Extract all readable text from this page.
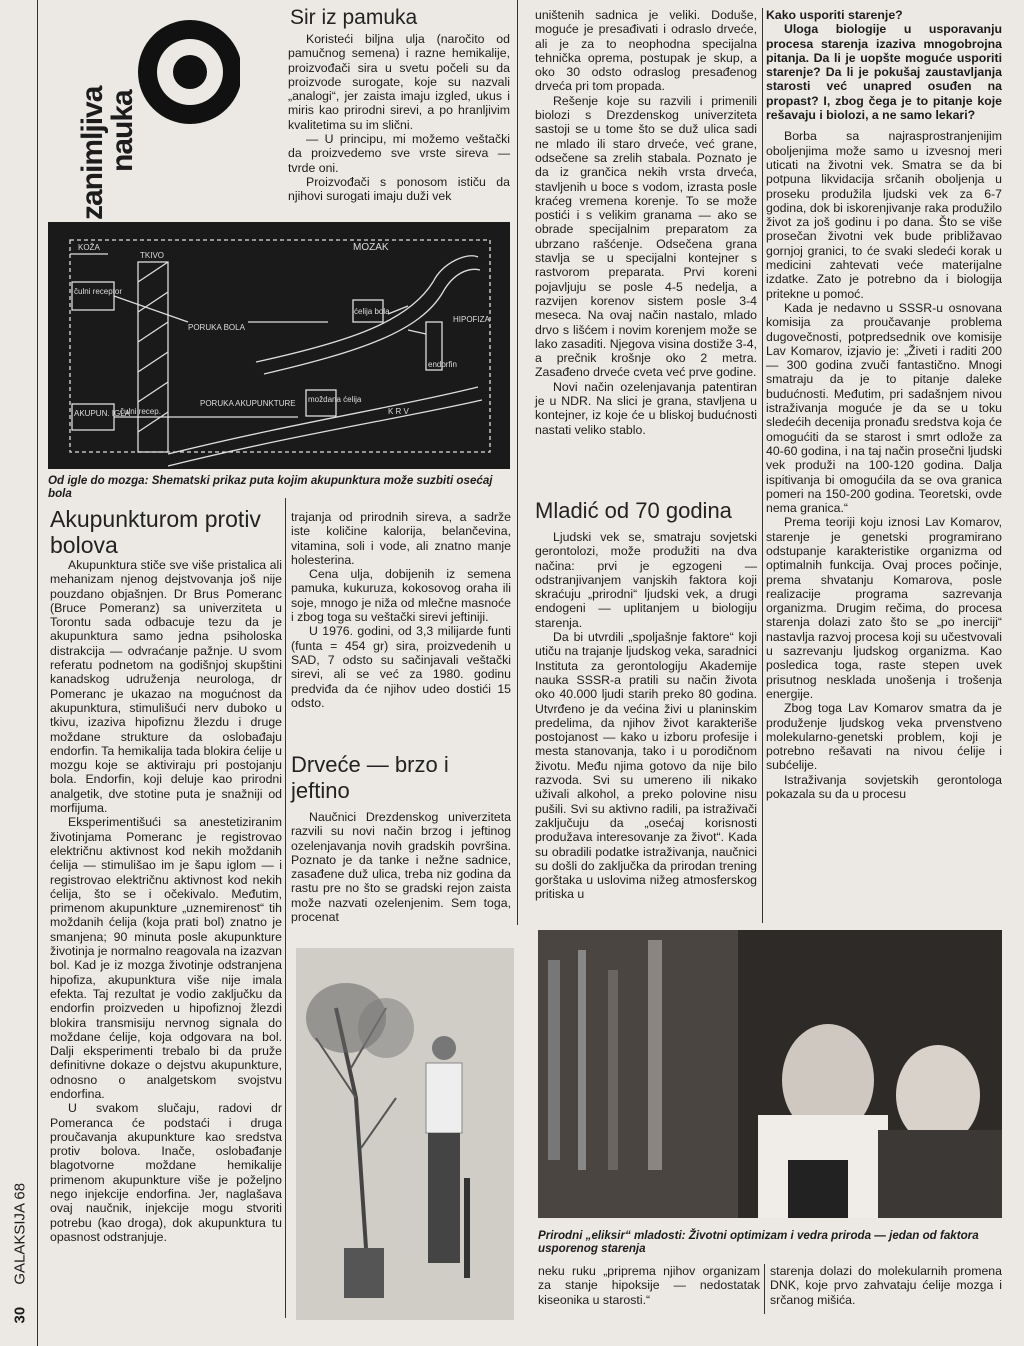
zanimljiva
nauka
30 GALAKSIJA 68
Sir iz pamuka

Koristeći biljna ulja (naročito od pamučnog semena) i razne hemikalije, proizvođači sira u svetu počeli su da proizvode surogate, koje su nazvali „analogi“, jer zaista imaju izgled, ukus i miris kao prirodni sirevi, a po hranljivim kvalitetima su im slični.

— U principu, mi možemo veštački da proizvedemo sve vrste sireva — tvrde oni.

Proizvođači s ponosom ističu da njihovi surogati imaju duži vek

KOŽA
TKIVO
MOZAK
čulni receptor
PORUKA BOLA
ćelija bola
HIPOFIZA
endorfin
AKUPUN. IGLA
čulni recep.
PORUKA AKUPUNKTURE moždana ćelija
K R V
Od igle do mozga: Shematski prikaz puta kojim akupunktura može suzbiti osećaj bola
Akupunkturom protiv bolova

Akupunktura stiče sve više pristalica ali mehanizam njenog dejstvovanja još nije pouzdano objašnjen. Dr Brus Pomeranc (Bruce Pomeranz) sa univerziteta u Torontu sada odbacuje tezu da je akupunktura samo jedna psiholoska distrakcija — odvraćanje pažnje. U svom referatu podnetom na godišnjoj skupštini kanadskog udruženja neurologa, dr Pomeranc je ukazao na mogućnost da akupunktura, stimulišući nerv duboko u tkivu, izaziva hipofiznu žlezdu i druge moždane strukture da oslobađaju endorfin. Ta hemikalija tada blokira ćelije u mozgu koje se aktiviraju pri postojanju bola. Endorfin, koji deluje kao prirodni analgetik, dve stotine puta je snažniji od morfijuma.

Eksperimentišući sa anestetiziranim životinjama Pomeranc je registrovao električnu aktivnost kod nekih moždanih ćelija — stimulišao im je šapu iglom — i registrovao električnu aktivnost kod nekih ćelija, što se i očekivalo. Međutim, primenom akupunkture „uznemirenost“ tih moždanih ćelija (koja prati bol) znatno je smanjena; 90 minuta posle akupunkture životinja je normalno reagovala na izazvan bol. Kad je iz mozga životinje odstranjena hipofiza, akupunktura više nije imala efekta. Taj rezultat je vodio zaključku da endorfin proizveden u hipofiznoj žlezdi blokira transmisiju nervnog signala do moždane ćelije, koja odgovara na bol. Dalji eksperimenti trebalo bi da pruže definitivne dokaze o dejstvu akupunkture, odnosno o analgetskom svojstvu endorfina.

U svakom slučaju, radovi dr Pomeranca će podstaći i druga proučavanja akupunkture kao sredstva protiv bolova. Inače, oslobađanje blagotvorne moždane hemikalije primenom akupunkture više je poželjno nego injekcije endorfina. Jer, naglašava ovaj naučnik, injekcije mogu stvoriti potrebu (kao droga), dok akupunktura tu opasnost odstranjuje.

trajanja od prirodnih sireva, a sadrže iste količine kalorija, belančevina, vitamina, soli i vode, ali znatno manje holesterina.

Cena ulja, dobijenih iz semena pamuka, kukuruza, kokosovog oraha ili soje, mnogo je niža od mlečne masnoće i zbog toga su veštački sirevi jeftiniji.

U 1976. godini, od 3,3 milijarde funti (funta = 454 gr) sira, proizvedenih u SAD, 7 odsto su sačinjavali veštački sirevi, ali se već za 1980. godinu predviđa da će njihov udeo dostići 15 odsto.

Drveće — brzo i jeftino

Naučnici Drezdenskog univerziteta razvili su novi način brzog i jeftinog ozelenjavanja novih gradskih površina. Poznato je da tanke i nežne sadnice, zasađene duž ulica, treba niz godina da rastu pre no što se gradski rejon zaista može nazvati ozelenjenim. Sem toga, procenat

uništenih sadnica je veliki. Doduše, moguće je presađivati i odraslo drveće, ali je za to neophodna specijalna tehnička oprema, postupak je skup, a oko 30 odsto odraslog presađenog drveća pri tom propada.

Rešenje koje su razvili i primenili biolozi s Drezdenskog univerziteta sastoji se u tome što se duž ulica sadi ne mlado ili staro drveće, već grane, odsečene sa zrelih stabala. Poznato je da iz grančica nekih vrsta drveća, stavljenih u boce s vodom, izrasta posle kraćeg vremena korenje. To se može postići i s velikim granama — ako se obrade specijalnim preparatom za ubrzano rašćenje. Odsečena grana stavlja se u specijalni kontejner s rastvorom preparata. Prvi koreni pojavljuju se posle 4-5 nedelja, a razvijen korenov sistem posle 3-4 meseca. Na ovaj način nastalo, mlado drvo s lišćem i novim korenjem može se lako zasaditi. Njegova visina dostiže 3-4, a prečnik krošnje oko 2 metra. Zasađeno drveće cveta već prve godine.

Novi način ozelenjavanja patentiran je u NDR. Na slici je grana, stavljena u kontejner, iz koje će u bliskoj budućnosti nastati veliko stablo.

Mladić od 70 godina

Ljudski vek se, smatraju sovjetski gerontolozi, može produžiti na dva načina: prvi je egzogeni — odstranjivanjem vanjskih faktora koji skraćuju „prirodni“ ljudski vek, a drugi endogeni — uplitanjem u biologiju starenja.

Da bi utvrdili „spoljašnje faktore“ koji utiču na trajanje ljudskog veka, saradnici Instituta za gerontologiju Akademije nauka SSSR-a pratili su način života oko 40.000 ljudi starih preko 80 godina. Utvrđeno je da većina živi u planinskim predelima, da njihov život karakteriše postojanost — kako u izboru profesije i mesta stanovanja, tako i u porodičnom životu. Među njima gotovo da nije bilo razvoda. Svi su umereno ili nikako uživali alkohol, a preko polovine nisu pušili. Svi su aktivno radili, pa istraživači zaključuju da „osećaj korisnosti produžava interesovanje za život“. Kada su obradili podatke istraživanja, naučnici su došli do zaključka da prirodan trening gorštaka u uslovima nižeg atmosferskog pritiska u

Kako usporiti starenje?

Uloga biologije u usporavanju procesa starenja izaziva mnogobrojna pitanja. Da li je uopšte moguće usporiti starenje? Da li je pokušaj zaustavljanja starosti već unapred osuđen na propast? I, zbog čega je to pitanje koje rešavaju i biolozi, a ne samo lekari?

Borba sa najrasprostranjenijim oboljenjima može samo u izvesnoj meri uticati na životni vek. Smatra se da bi potpuna likvidacija srčanih oboljenja u proseku produžila ljudski vek za 6-7 godina, dok bi iskorenjivanje raka produžilo život za još godinu i po dana. Što se više prosečan životni vek bude približavao gornjoj granici, to će svaki sledeći korak u medicini zahtevati veće materijalne izdatke. Zato je potrebno da i biologija pritekne u pomoć.

Kada je nedavno u SSSR-u osnovana komisija za proučavanje problema dugovečnosti, potpredsednik ove komisije Lav Komarov, izjavio je: „Živeti i raditi 200 — 300 godina zvuči fantastično. Mnogi smatraju da je to pitanje daleke budućnosti. Međutim, pri sadašnjem nivou istraživanja moguće je da se u toku sledećih decenija pronađu sredstva koja će omogućiti da se starost i smrt odlože za 40-60 godina, i na taj način prosečni ljudski vek produži na 100-120 godina. Dalja ispitivanja bi omogućila da se ova granica pomeri na 150-200 godina. Teoretski, ovde nema granica.“

Prema teoriji koju iznosi Lav Komarov, starenje je genetski programirano odstupanje karakteristike organizma od optimalnih funkcija. Ovaj proces počinje, prema shvatanju Komarova, posle realizacije programa sazrevanja organizma. Drugim rečima, do procesa starenja dolazi zato što se „po inerciji“ nastavlja razvoj procesa koji su učestvovali u sazrevanju ljudskog organizma. Kao posledica toga, raste stepen uvek prisutnog nesklada unošenja i trošenja energije.

Zbog toga Lav Komarov smatra da je produženje ljudskog veka prvenstveno molekularno-genetski problem, koji je potrebno rešavati na nivou ćelije i subćelije.

Istraživanja sovjetskih gerontologa pokazala su da u procesu

Prirodni „eliksir“ mladosti: Životni optimizam i vedra priroda — jedan od faktora usporenog starenja

neku ruku „priprema njihov organizam za stanje hipoksije — nedostatak kiseonika u starosti.“

starenja dolazi do molekularnih promena DNK, koje prvo zahvataju ćelije mozga i srčanog mišića.
